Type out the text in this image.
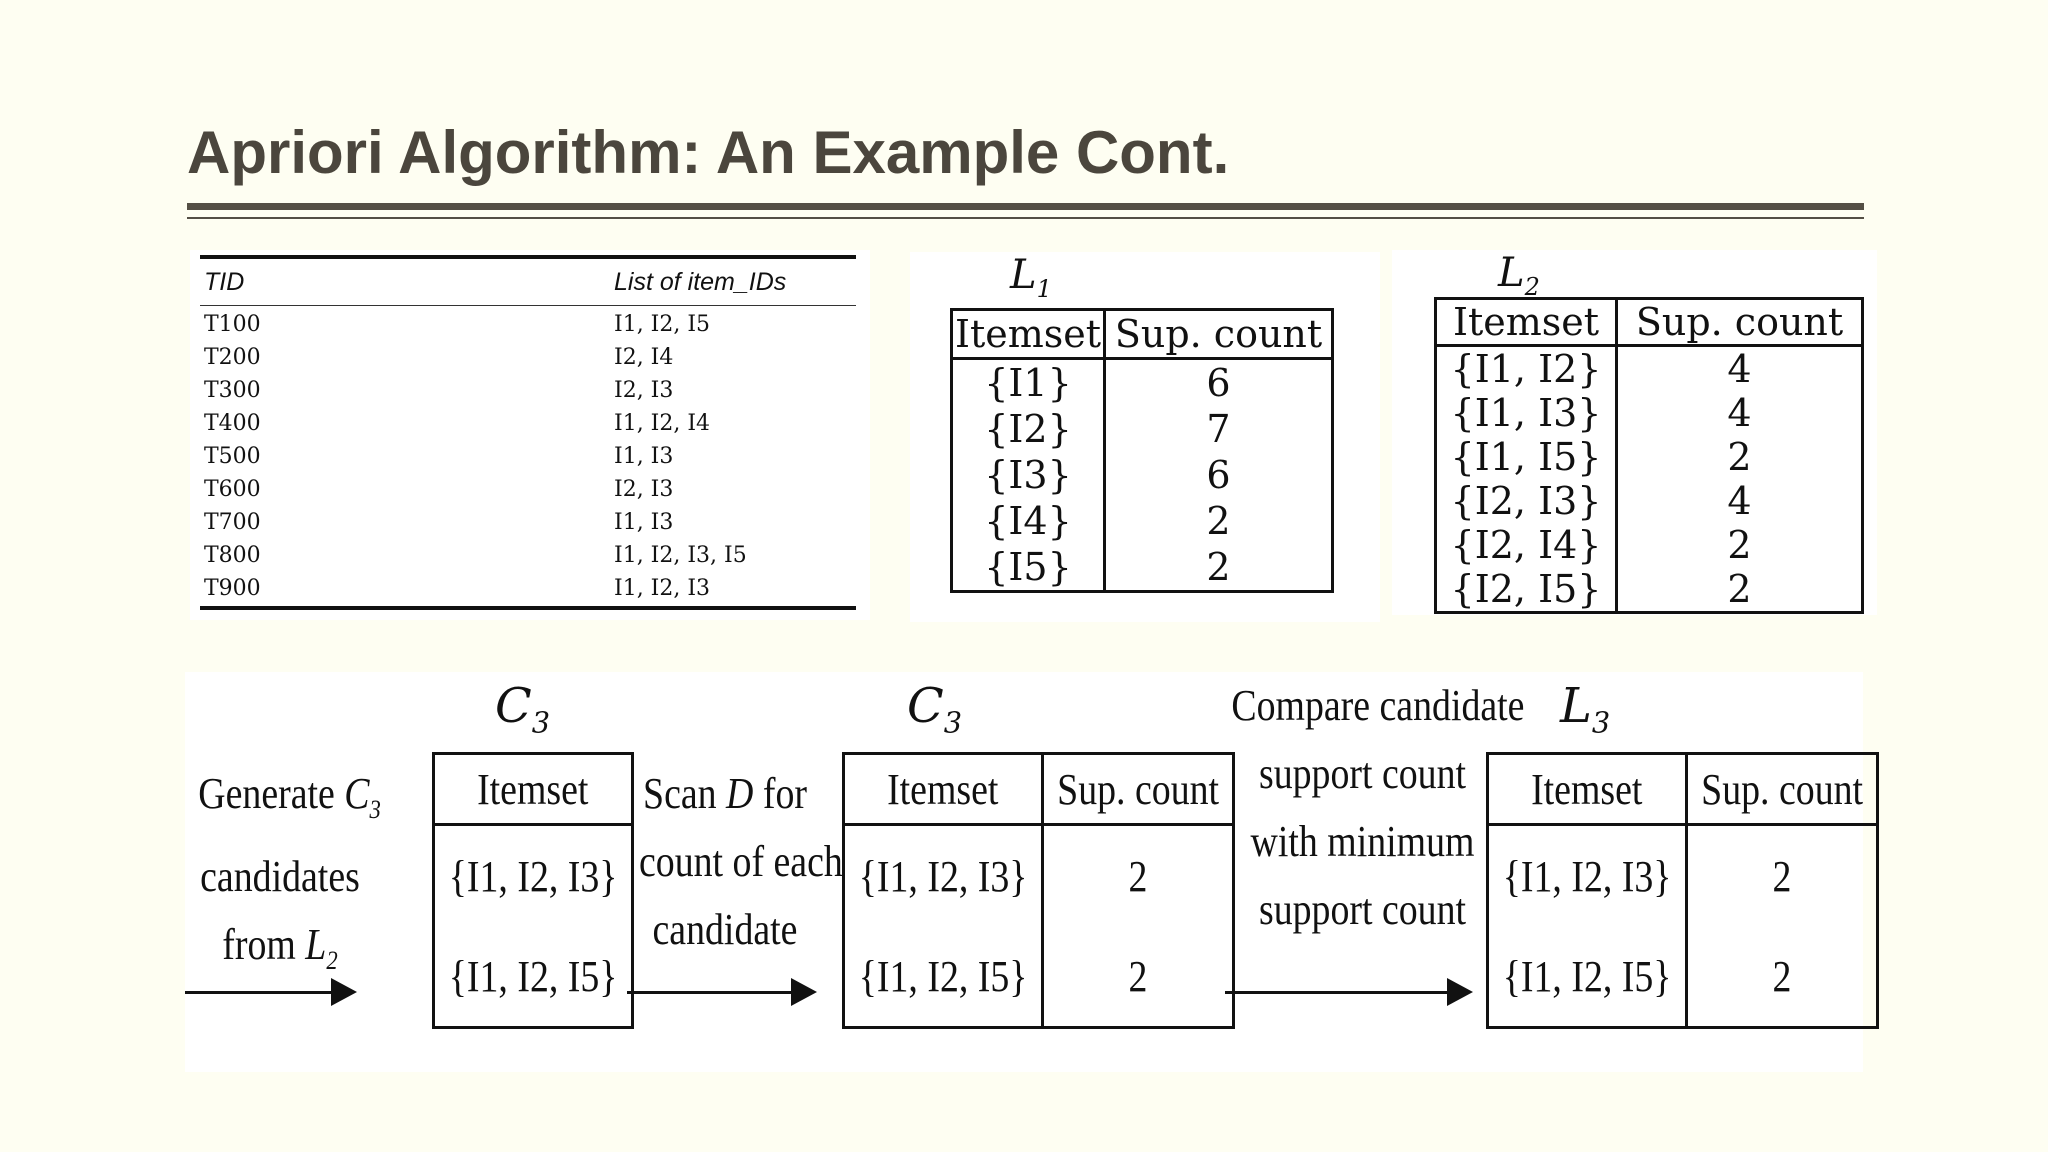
Apriori Algorithm: An Example Cont.
TID	List of item_IDs
T100	I1, I2, I5
T200	I2, I4
T300	I2, I3
T400	I1, I2, I4
T500	I1, I3
T600	I2, I3
T700	I1, I3
T800	I1, I2, I3, I5
T900	I1, I2, I3
$L_1$
Itemset	Sup. count
{I1}	6
{I2}	7
{I3}	6
{I4}	2
{I5}	2
$L_2$
Itemset	Sup. count
{I1, I2}	4
{I1, I3}	4
{I1, I5}	2
{I2, I3}	4
{I2, I4}	2
{I2, I5}	2
Generate $C_3$
candidates
from $L_2$
$C_3$
Itemset
{I1, I2, I3}
{I1, I2, I5}
Scan D for
count of each
candidate
$C_3$
Itemset	Sup. count
{I1, I2, I3}	2
{I1, I2, I5}	2
Compare candidate
support count
with minimum
support count
$L_3$
Itemset	Sup. count
{I1, I2, I3}	2
{I1, I2, I5}	2
